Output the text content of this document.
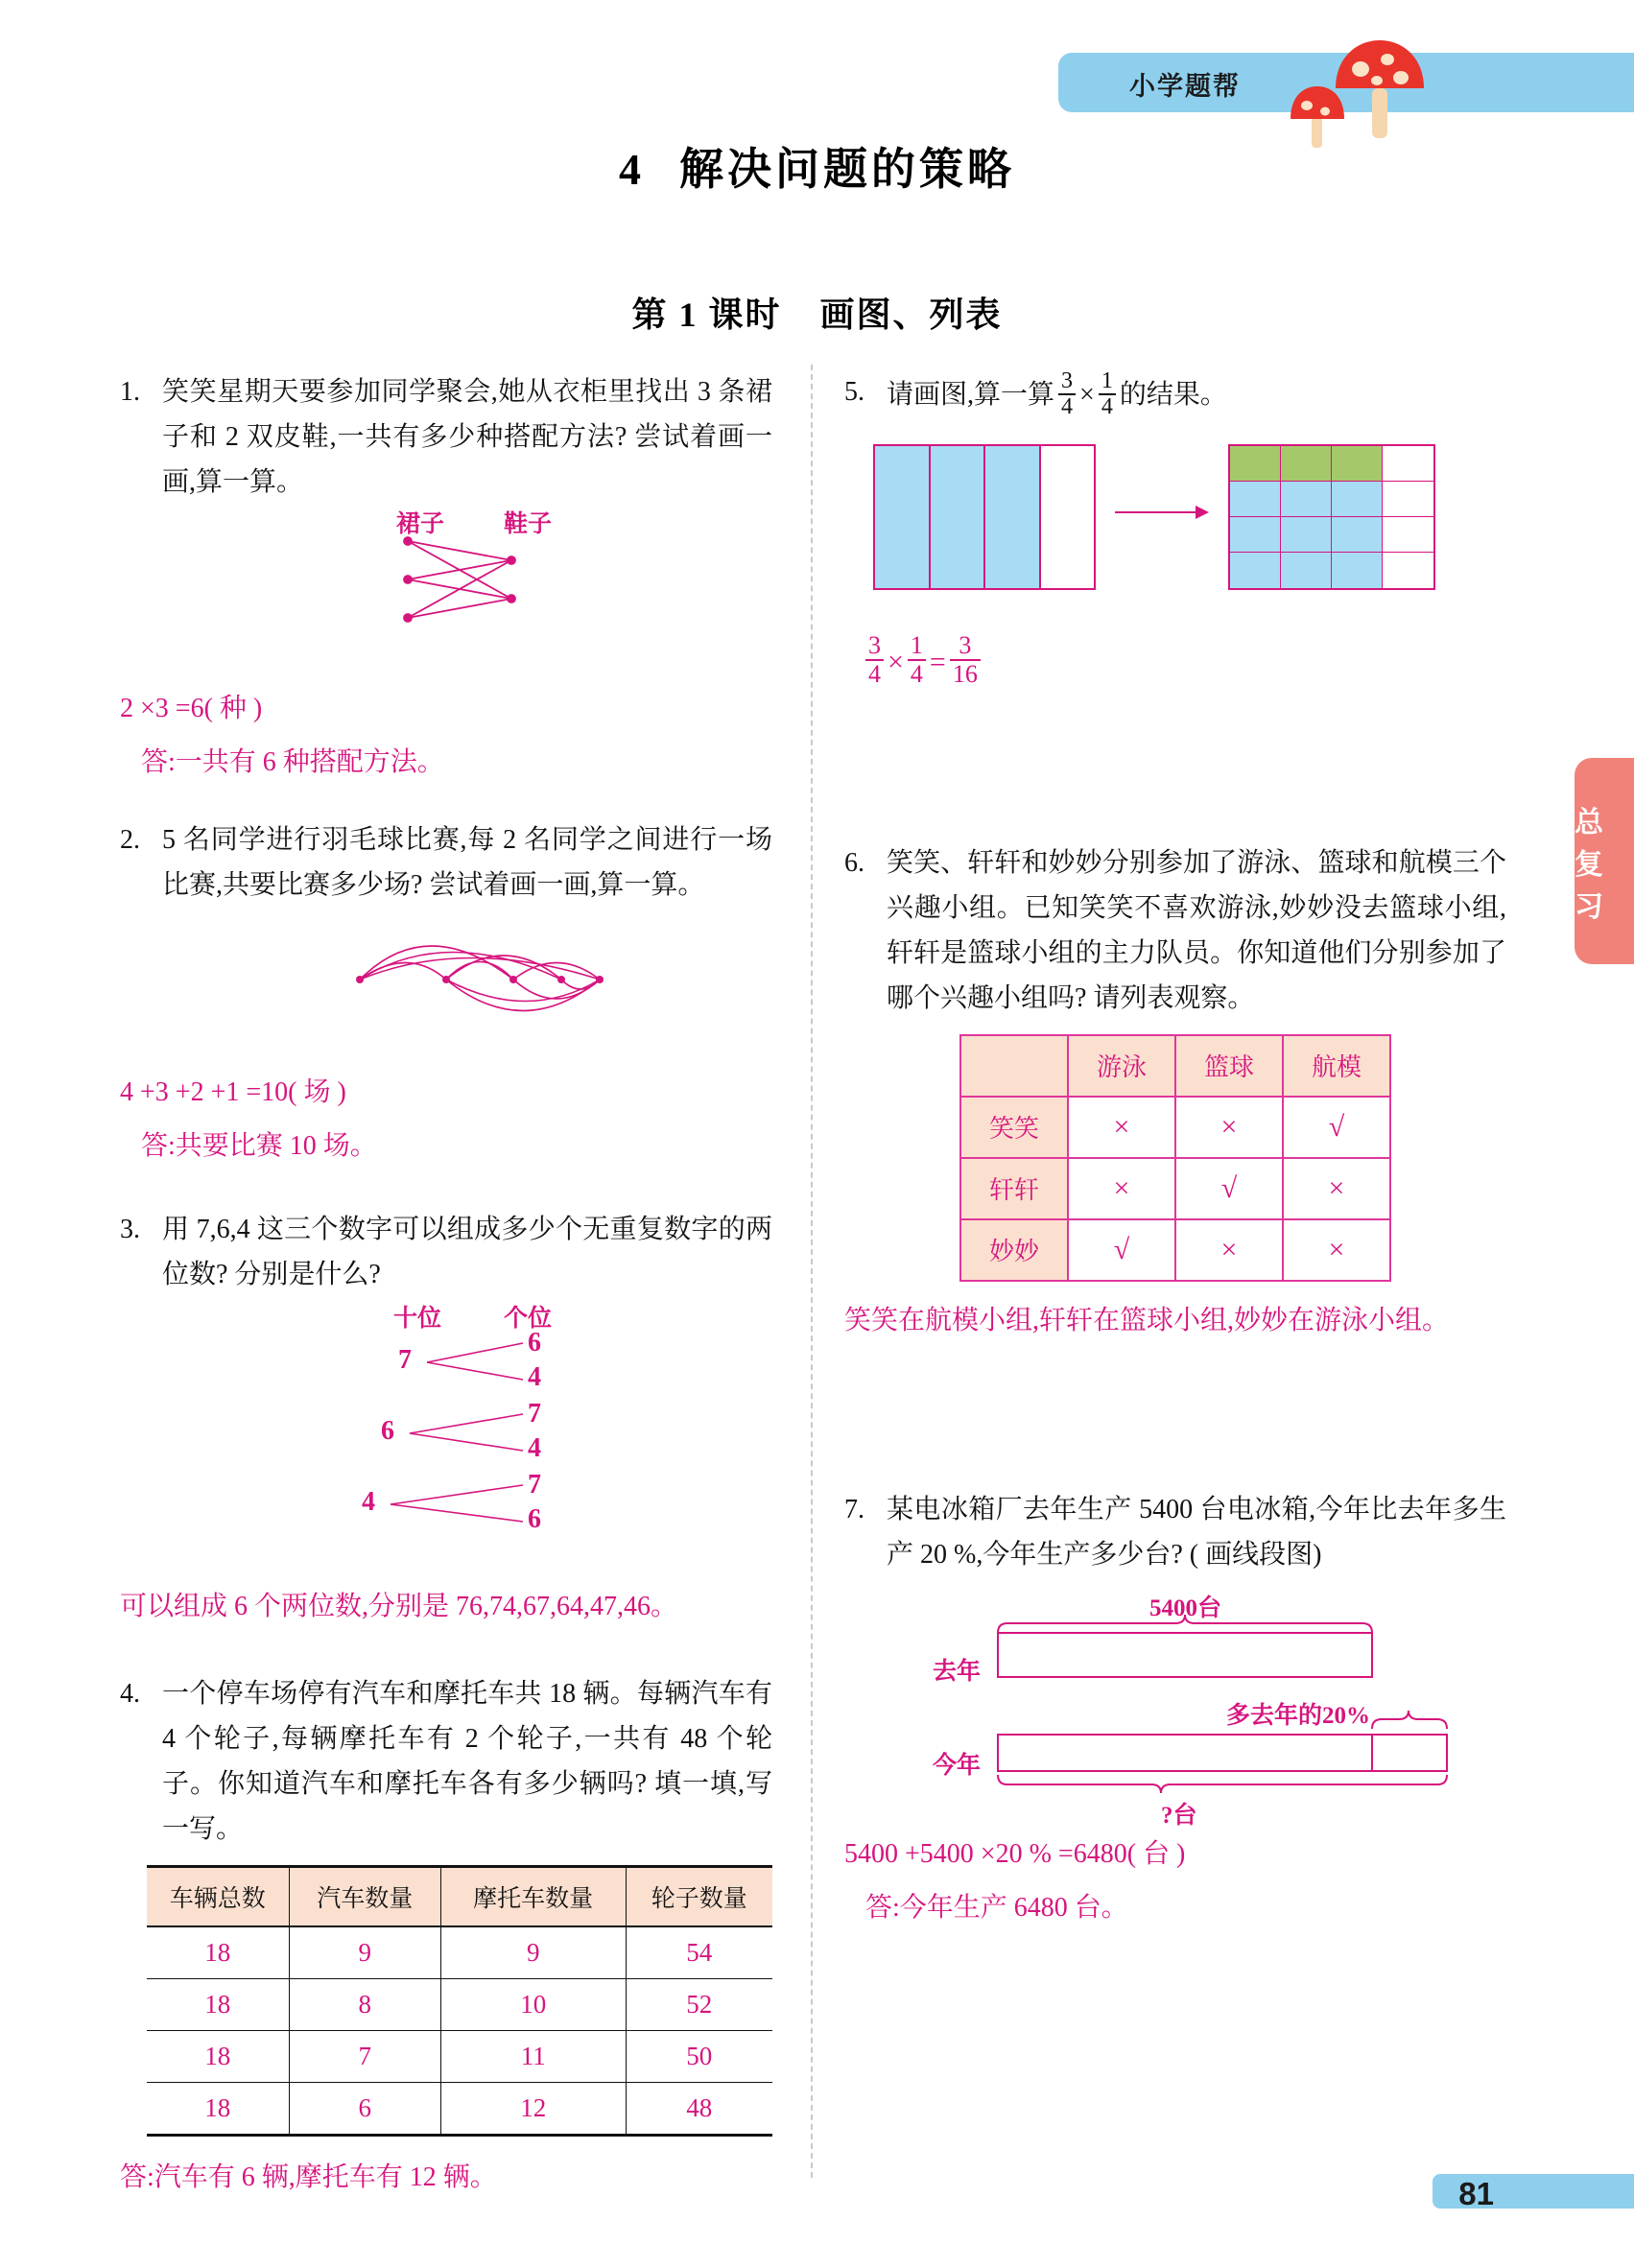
小学题帮
4 解决问题的策略
第 1 课时 画图、列表
1. 笑笑星期天要参加同学聚会,她从衣柜里找出 3 条裙子和 2 双皮鞋,一共有多少种搭配方法? 尝试着画一画,算一算。
裙子 鞋子
2 ×3 =6( 种 )
答:一共有 6 种搭配方法。
2. 5 名同学进行羽毛球比赛,每 2 名同学之间进行一场比赛,共要比赛多少场? 尝试着画一画,算一算。
4 +3 +2 +1 =10( 场 )
答:共要比赛 10 场。
3. 用 7,6,4 这三个数字可以组成多少个无重复数字的两位数? 分别是什么?
十位	个位
7
6
4
6
7
4
4
7
6
可以组成 6 个两位数,分别是 76,74,67,64,47,46。
4. 一个停车场停有汽车和摩托车共 18 辆。每辆汽车有 4 个轮子,每辆摩托车有 2 个轮子,一共有 48 个轮子。你知道汽车和摩托车各有多少辆吗? 填一填,写一写。
车辆总数	汽车数量	摩托车数量	轮子数量
18	9	9	54
18	8	10	52
18	7	11	50
18	6	12	48
答:汽车有 6 辆,摩托车有 12 辆。
5. 请画图,算一算 $\frac{3}{4} \times \frac{1}{4}$ 的结果。
$\frac{3}{4} \times \frac{1}{4} = \frac{3}{16}$
6. 笑笑、轩轩和妙妙分别参加了游泳、篮球和航模三个兴趣小组。已知笑笑不喜欢游泳,妙妙没去篮球小组,轩轩是篮球小组的主力队员。你知道他们分别参加了哪个兴趣小组吗? 请列表观察。
	游泳	篮球	航模
笑笑	×	×	√
轩轩	×	√	×
妙妙	√	×	×
笑笑在航模小组,轩轩在篮球小组,妙妙在游泳小组。
7. 某电冰箱厂去年生产 5400 台电冰箱,今年比去年多生产 20 %,今年生产多少台? ( 画线段图)
5400台
去年
今年
多去年的20%
?台
5400 +5400 ×20 % =6480( 台 )
答:今年生产 6480 台。
总复习
81
